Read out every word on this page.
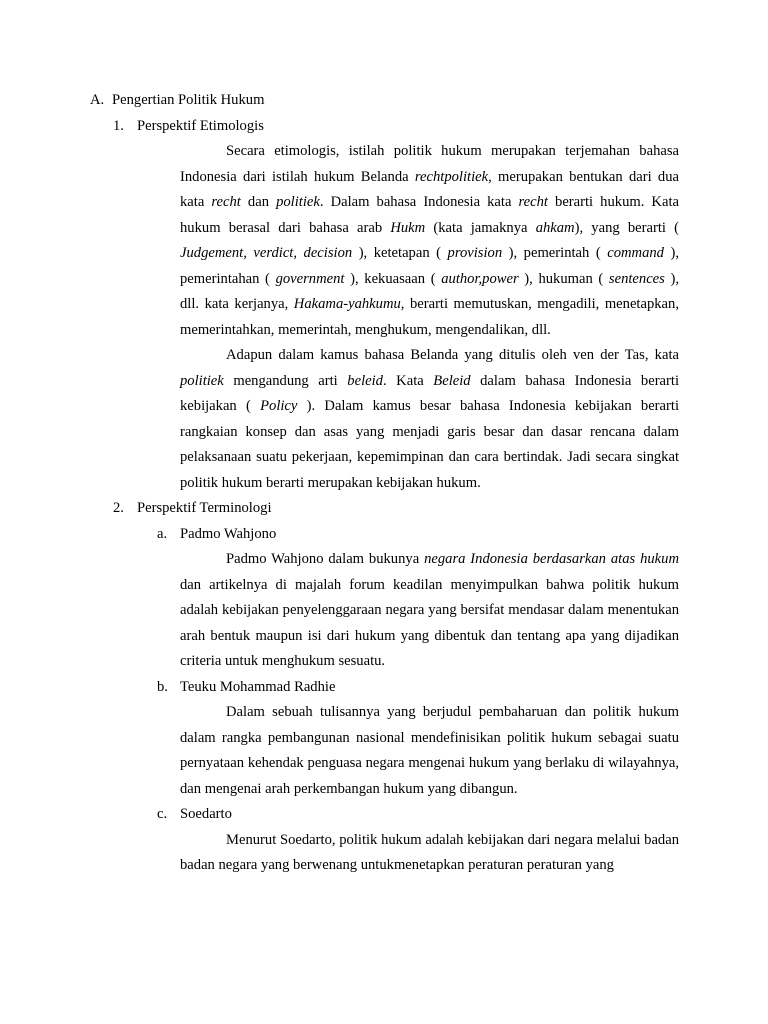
A. Pengertian Politik Hukum
1. Perspektif Etimologis

Secara etimologis, istilah politik hukum merupakan terjemahan bahasa Indonesia dari istilah hukum Belanda rechtpolitiek, merupakan bentukan dari dua kata recht dan politiek. Dalam bahasa Indonesia kata recht berarti hukum. Kata hukum berasal dari bahasa arab Hukm (kata jamaknya ahkam), yang berarti ( Judgement, verdict, decision ), ketetapan ( provision ), pemerintah ( command ), pemerintahan ( government ), kekuasaan ( author,power ), hukuman ( sentences ), dll. kata kerjanya, Hakama-yahkumu, berarti memutuskan, mengadili, menetapkan, memerintahkan, memerintah, menghukum, mengendalikan, dll.

Adapun dalam kamus bahasa Belanda yang ditulis oleh ven der Tas, kata politiek mengandung arti beleid. Kata Beleid dalam bahasa Indonesia berarti kebijakan ( Policy ). Dalam kamus besar bahasa Indonesia kebijakan berarti rangkaian konsep dan asas yang menjadi garis besar dan dasar rencana dalam pelaksanaan suatu pekerjaan, kepemimpinan dan cara bertindak. Jadi secara singkat politik hukum berarti merupakan kebijakan hukum.

2. Perspektif Terminologi
a. Padmo Wahjono

Padmo Wahjono dalam bukunya negara Indonesia berdasarkan atas hukum dan artikelnya di majalah forum keadilan menyimpulkan bahwa politik hukum adalah kebijakan penyelenggaraan negara yang bersifat mendasar dalam menentukan arah bentuk maupun isi dari hukum yang dibentuk dan tentang apa yang dijadikan criteria untuk menghukum sesuatu.

b. Teuku Mohammad Radhie

Dalam sebuah tulisannya yang berjudul pembaharuan dan politik hukum dalam rangka pembangunan nasional mendefinisikan politik hukum sebagai suatu pernyataan kehendak penguasa negara mengenai hukum yang berlaku di wilayahnya, dan mengenai arah perkembangan hukum yang dibangun.

c. Soedarto

Menurut Soedarto, politik hukum adalah kebijakan dari negara melalui badan badan negara yang berwenang untukmenetapkan peraturan peraturan yang
